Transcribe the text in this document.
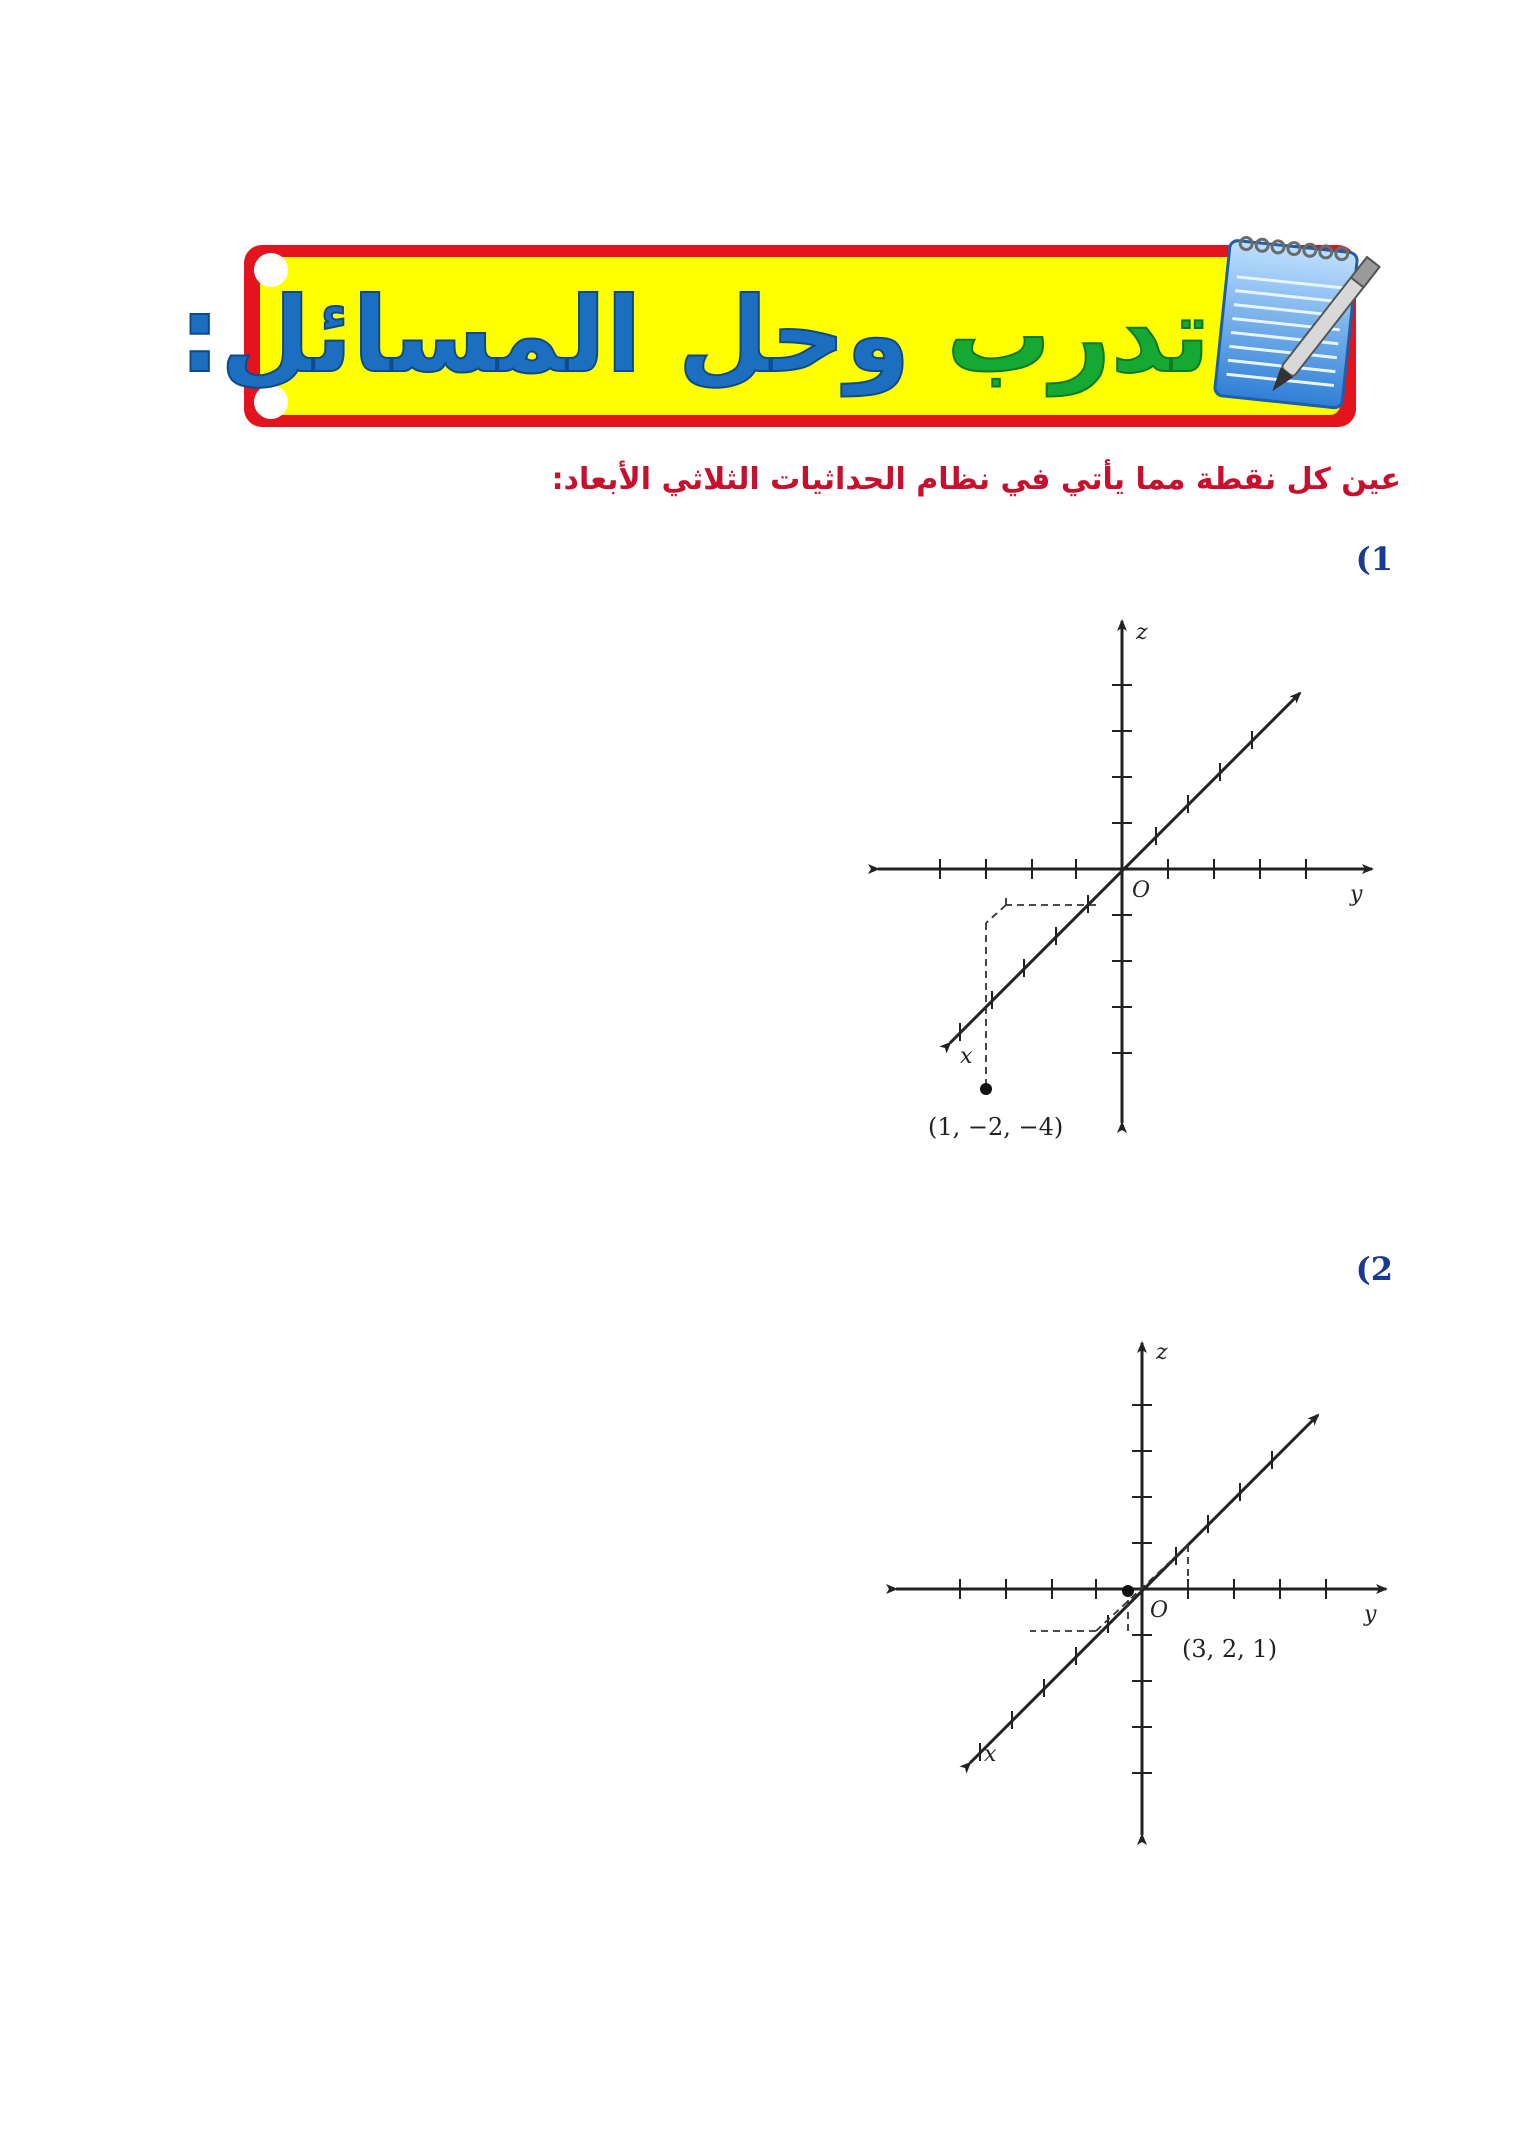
تدرب وحل المسائل:
عين كل نقطة مما يأتي في نظام الحداثيات الثلاثي الأبعاد:
(1
z
y
x
O
(1, −2, −4)
(2
z
y
x
O
(3, 2, 1)
